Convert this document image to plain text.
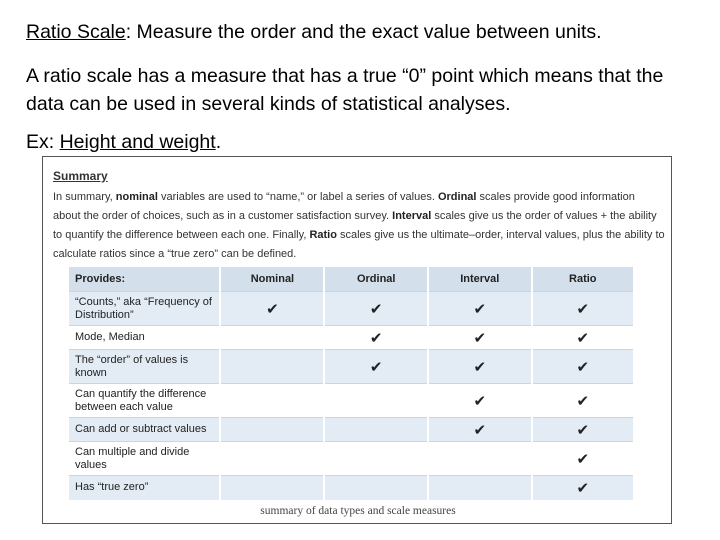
Ratio Scale: Measure the order and the exact value between units.
A ratio scale has a measure that has a true “0” point which means that the data can be used in several kinds of statistical analyses.
Ex: Height and weight.
Summary
In summary, nominal variables are used to “name,” or label a series of values. Ordinal scales provide good information about the order of choices, such as in a customer satisfaction survey. Interval scales give us the order of values + the ability to quantify the difference between each one. Finally, Ratio scales give us the ultimate–order, interval values, plus the ability to calculate ratios since a “true zero” can be defined.
Provides:	Nominal	Ordinal	Interval	Ratio
“Counts,” aka “Frequency of Distribution”	✔	✔	✔	✔
Mode, Median		✔	✔	✔
The “order” of values is known		✔	✔	✔
Can quantify the difference between each value			✔	✔
Can add or subtract values			✔	✔
Can multiple and divide values				✔
Has “true zero”				✔
summary of data types and scale measures
